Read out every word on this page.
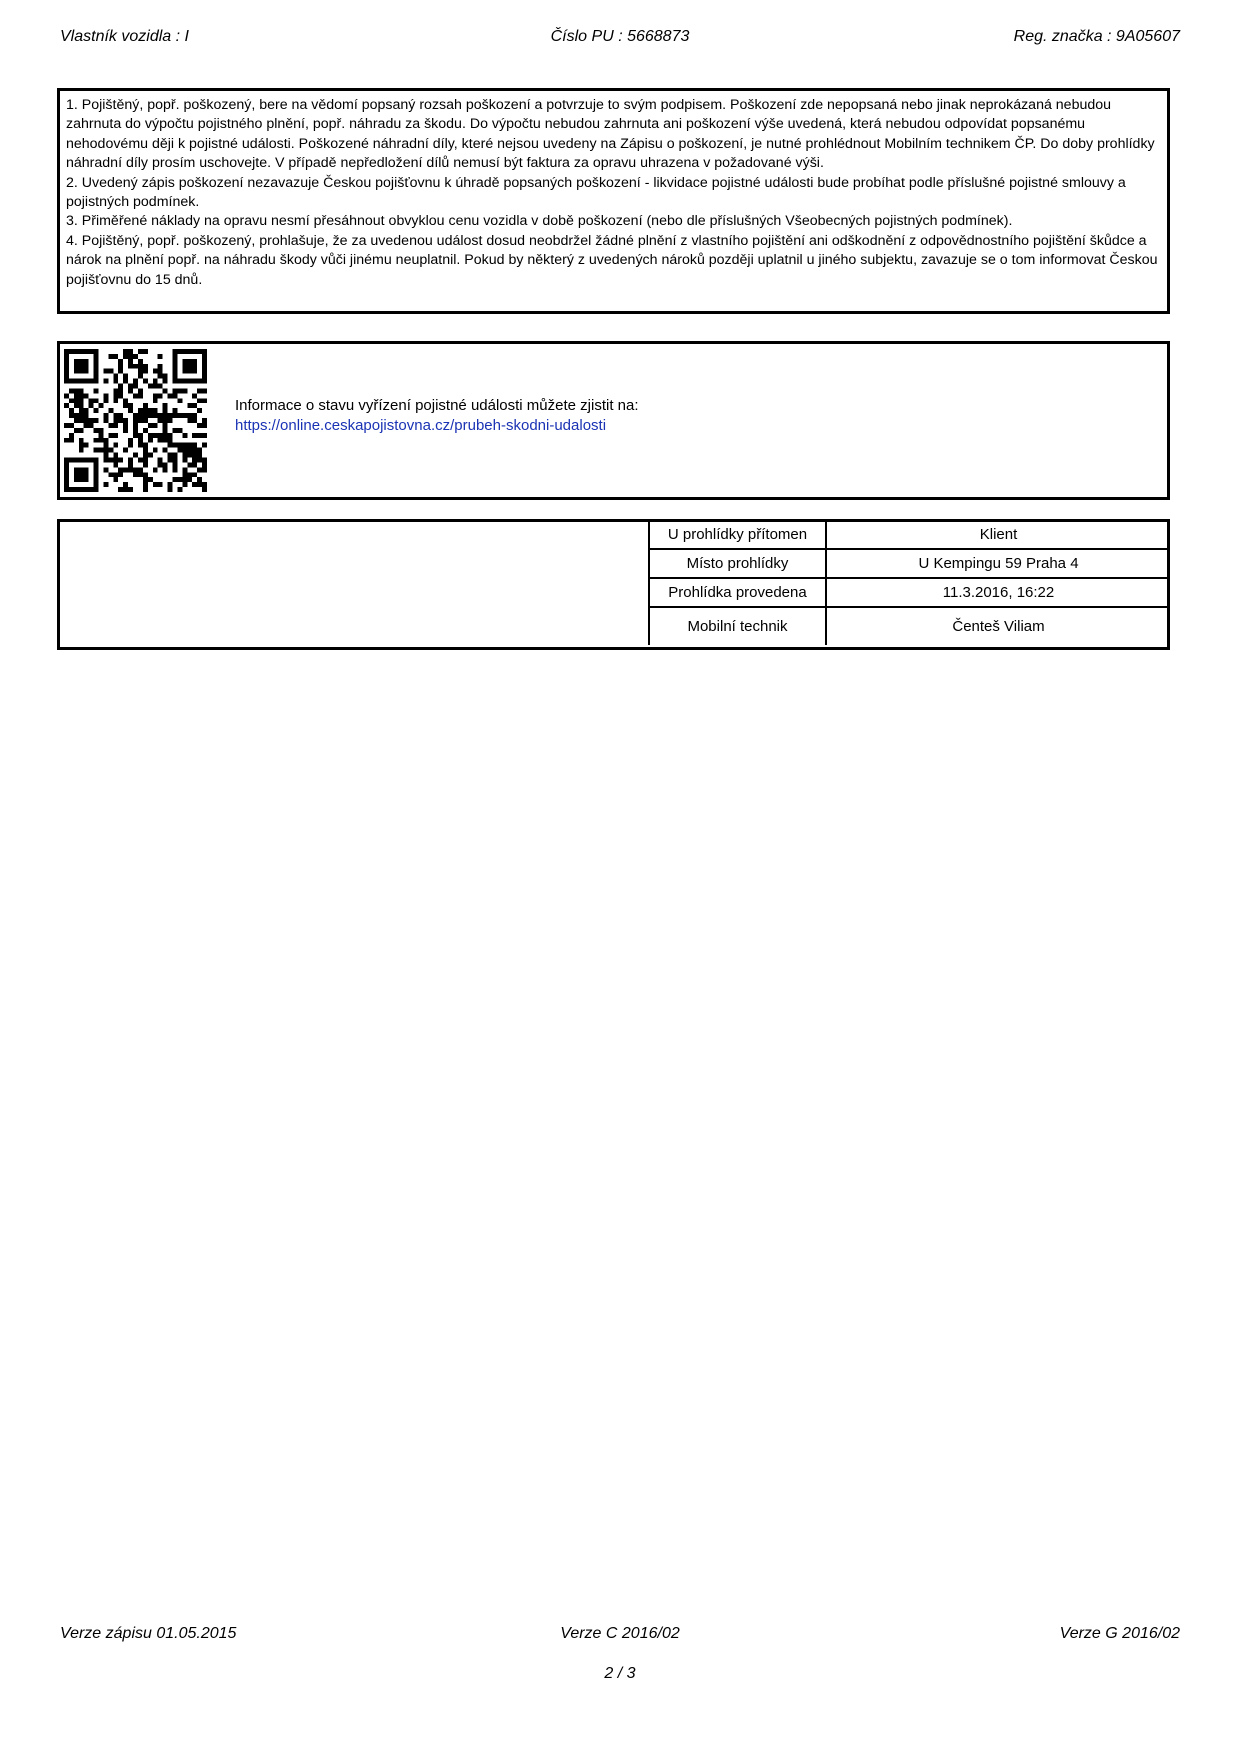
Vlastník vozidla : I	Číslo PU : 5668873	Reg. značka : 9A05607

1. Pojištěný, popř. poškozený, bere na vědomí popsaný rozsah poškození a potvrzuje to svým podpisem. Poškození zde nepopsaná nebo jinak neprokázaná nebudou zahrnuta do výpočtu pojistného plnění, popř. náhradu za škodu. Do výpočtu nebudou zahrnuta ani poškození výše uvedená, která nebudou odpovídat popsanému nehodovému ději k pojistné události. Poškozené náhradní díly, které nejsou uvedeny na Zápisu o poškození, je nutné prohlédnout Mobilním technikem ČP. Do doby prohlídky náhradní díly prosím uschovejte. V případě nepředložení dílů nemusí být faktura za opravu uhrazena v požadované výši.

2. Uvedený zápis poškození nezavazuje Českou pojišťovnu k úhradě popsaných poškození - likvidace pojistné události bude probíhat podle příslušné pojistné smlouvy a pojistných podmínek.

3. Přiměřené náklady na opravu nesmí přesáhnout obvyklou cenu vozidla v době poškození (nebo dle příslušných Všeobecných pojistných podmínek).

4. Pojištěný, popř. poškozený, prohlašuje, že za uvedenou událost dosud neobdržel žádné plnění z vlastního pojištění ani odškodnění z odpovědnostního pojištění škůdce a nárok na plnění popř. na náhradu škody vůči jinému neuplatnil. Pokud by některý z uvedených nároků později uplatnil u jiného subjektu, zavazuje se o tom informovat Českou pojišťovnu do 15 dnů.

Informace o stavu vyřízení pojistné události můžete zjistit na:
https://online.ceskapojistovna.cz/prubeh-skodni-udalosti
U prohlídky přítomen	Klient
Místo prohlídky	U Kempingu 59 Praha 4
Prohlídka provedena	11.3.2016, 16:22
Mobilní technik	Čenteš Viliam
Verze zápisu 01.05.2015	Verze C 2016/02	Verze G 2016/02
2 / 3
